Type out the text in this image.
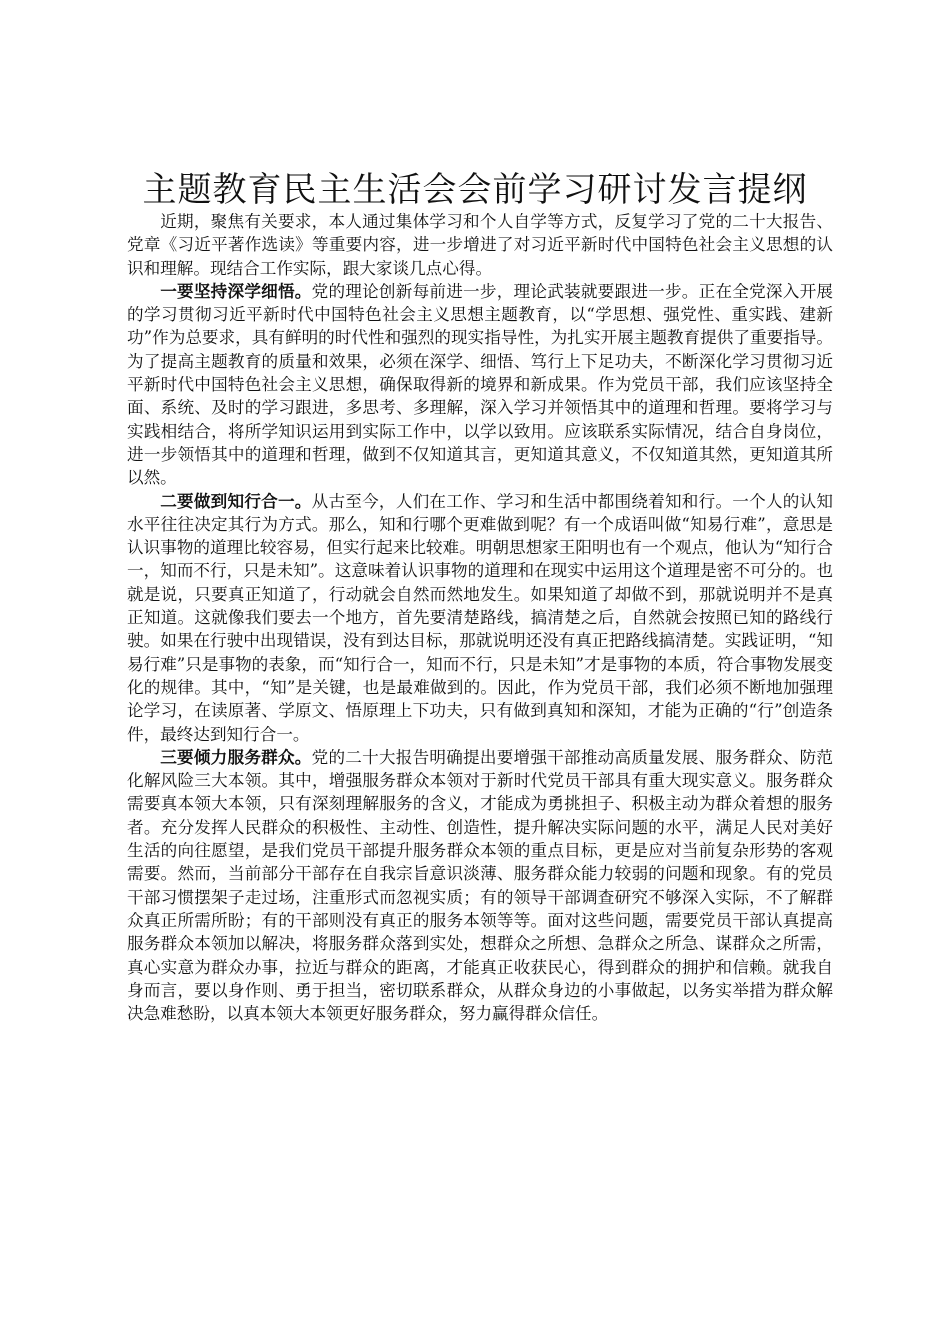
主题教育民主生活会会前学习研讨发言提纲

近期，聚焦有关要求，本人通过集体学习和个人自学等方式，反复学习了党的二十大报告、党章《习近平著作选读》等重要内容，进一步增进了对习近平新时代中国特色社会主义思想的认识和理解。现结合工作实际，跟大家谈几点心得。

一要坚持深学细悟。党的理论创新每前进一步，理论武装就要跟进一步。正在全党深入开展的学习贯彻习近平新时代中国特色社会主义思想主题教育，以“学思想、强党性、重实践、建新功”作为总要求，具有鲜明的时代性和强烈的现实指导性，为扎实开展主题教育提供了重要指导。为了提高主题教育的质量和效果，必须在深学、细悟、笃行上下足功夫，不断深化学习贯彻习近平新时代中国特色社会主义思想，确保取得新的境界和新成果。作为党员干部，我们应该坚持全面、系统、及时的学习跟进，多思考、多理解，深入学习并领悟其中的道理和哲理。要将学习与实践相结合，将所学知识运用到实际工作中，以学以致用。应该联系实际情况，结合自身岗位，进一步领悟其中的道理和哲理，做到不仅知道其言，更知道其意义，不仅知道其然，更知道其所以然。

二要做到知行合一。从古至今，人们在工作、学习和生活中都围绕着知和行。一个人的认知水平往往决定其行为方式。那么，知和行哪个更难做到呢？有一个成语叫做“知易行难”，意思是认识事物的道理比较容易，但实行起来比较难。明朝思想家王阳明也有一个观点，他认为“知行合一，知而不行，只是未知”。这意味着认识事物的道理和在现实中运用这个道理是密不可分的。也就是说，只要真正知道了，行动就会自然而然地发生。如果知道了却做不到，那就说明并不是真正知道。这就像我们要去一个地方，首先要清楚路线，搞清楚之后，自然就会按照已知的路线行驶。如果在行驶中出现错误，没有到达目标，那就说明还没有真正把路线搞清楚。实践证明，“知易行难”只是事物的表象，而“知行合一，知而不行，只是未知”才是事物的本质，符合事物发展变化的规律。其中，“知”是关键，也是最难做到的。因此，作为党员干部，我们必须不断地加强理论学习，在读原著、学原文、悟原理上下功夫，只有做到真知和深知，才能为正确的“行”创造条件，最终达到知行合一。

三要倾力服务群众。党的二十大报告明确提出要增强干部推动高质量发展、服务群众、防范化解风险三大本领。其中，增强服务群众本领对于新时代党员干部具有重大现实意义。服务群众需要真本领大本领，只有深刻理解服务的含义，才能成为勇挑担子、积极主动为群众着想的服务者。充分发挥人民群众的积极性、主动性、创造性，提升解决实际问题的水平，满足人民对美好生活的向往愿望，是我们党员干部提升服务群众本领的重点目标，更是应对当前复杂形势的客观需要。然而，当前部分干部存在自我宗旨意识淡薄、服务群众能力较弱的问题和现象。有的党员干部习惯摆架子走过场，注重形式而忽视实质；有的领导干部调查研究不够深入实际，不了解群众真正所需所盼；有的干部则没有真正的服务本领等等。面对这些问题，需要党员干部认真提高服务群众本领加以解决，将服务群众落到实处，想群众之所想、急群众之所急、谋群众之所需，真心实意为群众办事，拉近与群众的距离，才能真正收获民心，得到群众的拥护和信赖。就我自身而言，要以身作则、勇于担当，密切联系群众，从群众身边的小事做起，以务实举措为群众解决急难愁盼，以真本领大本领更好服务群众，努力赢得群众信任。
